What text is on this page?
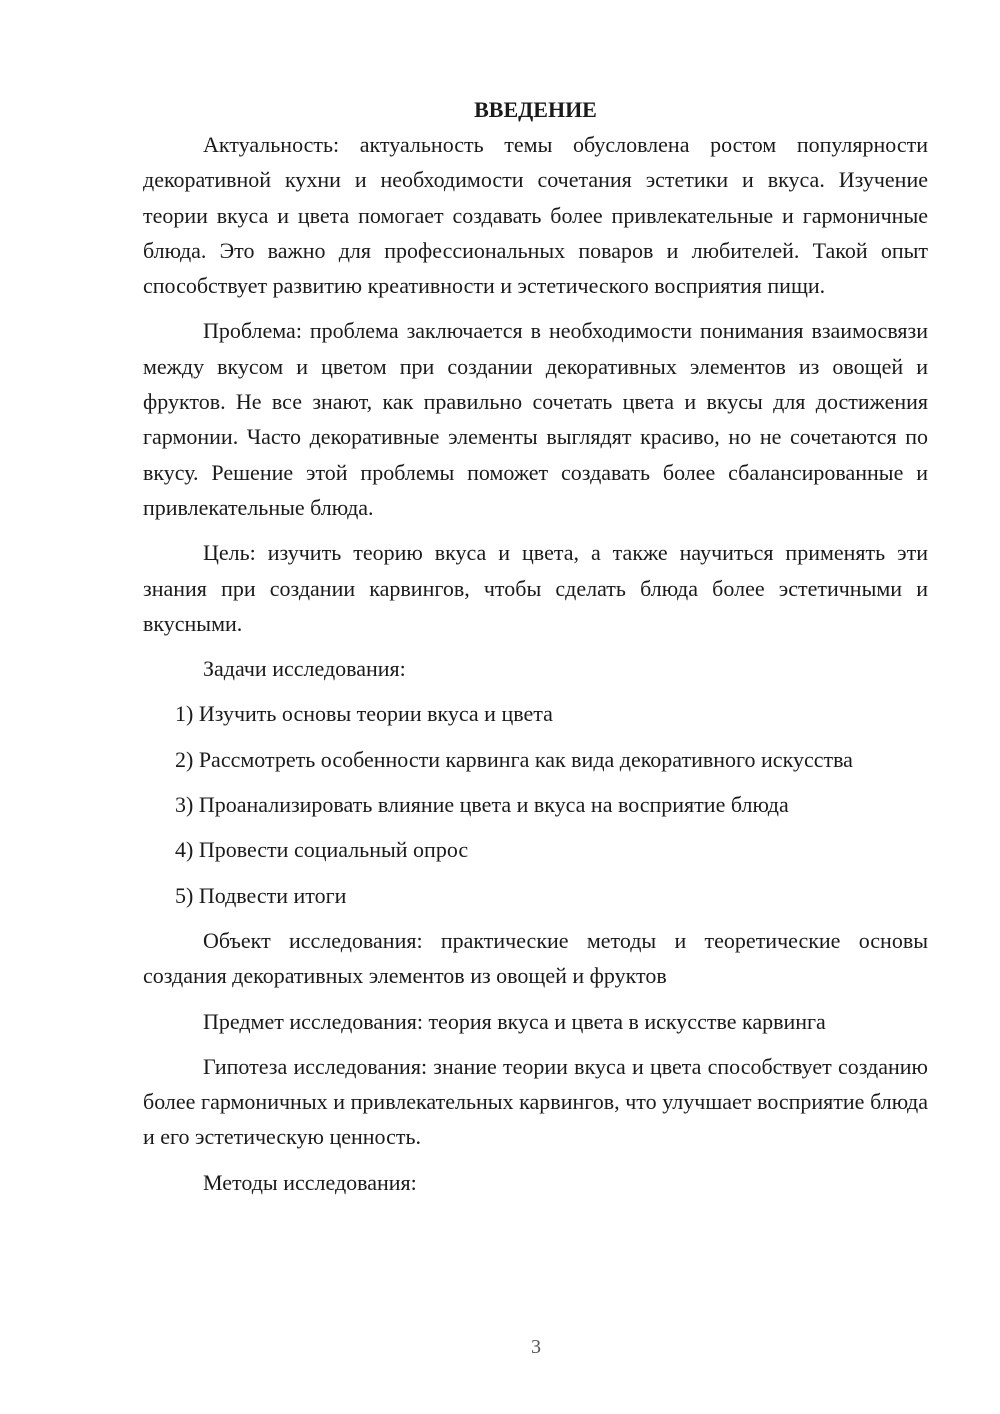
ВВЕДЕНИЕ

Актуальность: актуальность темы обусловлена ростом популярности декоративной кухни и необходимости сочетания эстетики и вкуса. Изучение теории вкуса и цвета помогает создавать более привлекательные и гармоничные блюда. Это важно для профессиональных поваров и любителей. Такой опыт способствует развитию креативности и эстетического восприятия пищи.

Проблема: проблема заключается в необходимости понимания взаимосвязи между вкусом и цветом при создании декоративных элементов из овощей и фруктов. Не все знают, как правильно сочетать цвета и вкусы для достижения гармонии. Часто декоративные элементы выглядят красиво, но не сочетаются по вкусу. Решение этой проблемы поможет создавать более сбалансированные и привлекательные блюда.

Цель: изучить теорию вкуса и цвета, а также научиться применять эти знания при создании карвингов, чтобы сделать блюда более эстетичными и вкусными.

Задачи исследования:

1) Изучить основы теории вкуса и цвета

2) Рассмотреть особенности карвинга как вида декоративного искусства

3) Проанализировать влияние цвета и вкуса на восприятие блюда

4) Провести социальный опрос

5) Подвести итоги

Объект исследования: практические методы и теоретические основы создания декоративных элементов из овощей и фруктов

Предмет исследования: теория вкуса и цвета в искусстве карвинга

Гипотеза исследования: знание теории вкуса и цвета способствует созданию более гармоничных и привлекательных карвингов, что улучшает восприятие блюда и его эстетическую ценность.

Методы исследования:

3
